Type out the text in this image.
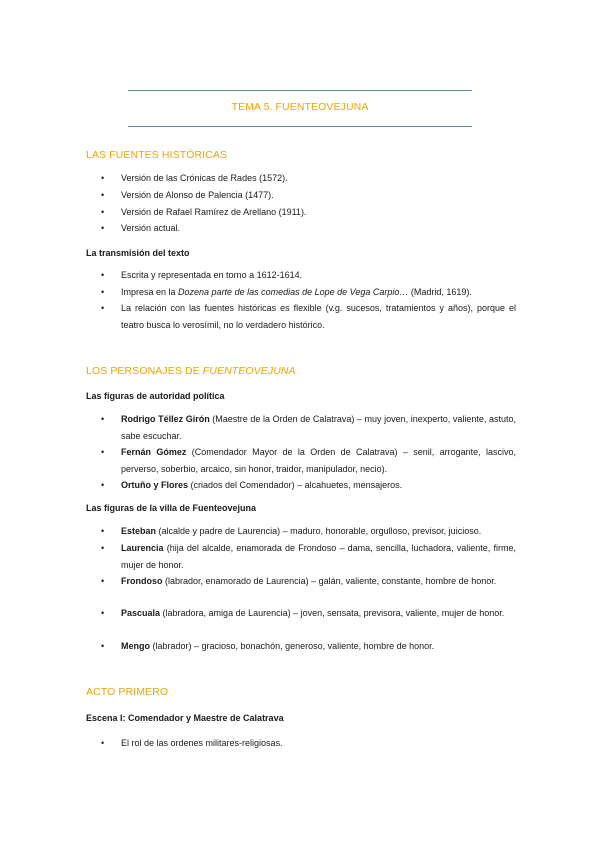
TEMA 5. FUENTEOVEJUNA
LAS FUENTES HISTÓRICAS
•	Versión de las Crónicas de Rades (1572).
•	Versión de Alonso de Palencia (1477).
•	Versión de Rafael Ramírez de Arellano (1911).
•	Versión actual.
La transmisión del texto
•	Escrita y representada en torno a 1612-1614.
•	Impresa en la Dozena parte de las comedias de Lope de Vega Carpio… (Madrid, 1619).
•	La relación con las fuentes históricas es flexible (v.g. sucesos, tratamientos y años), porque el teatro busca lo verosímil, no lo verdadero histórico.
LOS PERSONAJES DE FUENTEOVEJUNA
Las figuras de autoridad política
•	Rodrigo Téllez Girón (Maestre de la Orden de Calatrava) – muy joven, inexperto, valiente, astuto, sabe escuchar.
•	Fernán Gómez (Comendador Mayor de la Orden de Calatrava) – senil, arrogante, lascivo, perverso, soberbio, arcaico, sin honor, traidor, manipulador, necio).
•	Ortuño y Flores (criados del Comendador) – alcahuetes, mensajeros.
Las figuras de la villa de Fuenteovejuna
•	Esteban (alcalde y padre de Laurencia) – maduro, honorable, orgulloso, previsor, juicioso.
•	Laurencia (hija del alcalde, enamorada de Frondoso – dama, sencilla, luchadora, valiente, firme, mujer de honor.
•	Frondoso (labrador, enamorado de Laurencia) – galán, valiente, constante, hombre de honor.
•	Pascuala (labradora, amiga de Laurencia) – joven, sensata, previsora, valiente, mujer de honor.
•	Mengo (labrador) – gracioso, bonachón, generoso, valiente, hombre de honor.
ACTO PRIMERO
Escena I: Comendador y Maestre de Calatrava
•	El rol de las ordenes militares-religiosas.
